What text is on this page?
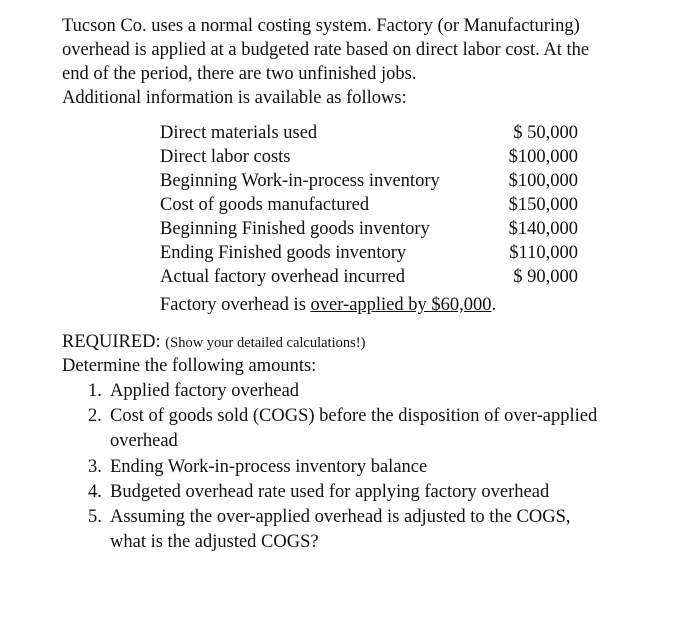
Tucson Co. uses a normal costing system. Factory (or Manufacturing)
overhead is applied at a budgeted rate based on direct labor cost. At the
end of the period, there are two unfinished jobs.
Additional information is available as follows:
Direct materials used	$ 50,000
Direct labor costs	$100,000
Beginning Work-in-process inventory	$100,000
Cost of goods manufactured	$150,000
Beginning Finished goods inventory	$140,000
Ending Finished goods inventory	$110,000
Actual factory overhead incurred	$ 90,000
Factory overhead is over-applied by $60,000.
REQUIRED: (Show your detailed calculations!)
Determine the following amounts:
1. Applied factory overhead
2. Cost of goods sold (COGS) before the disposition of over-applied
overhead
3. Ending Work-in-process inventory balance
4. Budgeted overhead rate used for applying factory overhead
5. Assuming the over-applied overhead is adjusted to the COGS,
what is the adjusted COGS?
